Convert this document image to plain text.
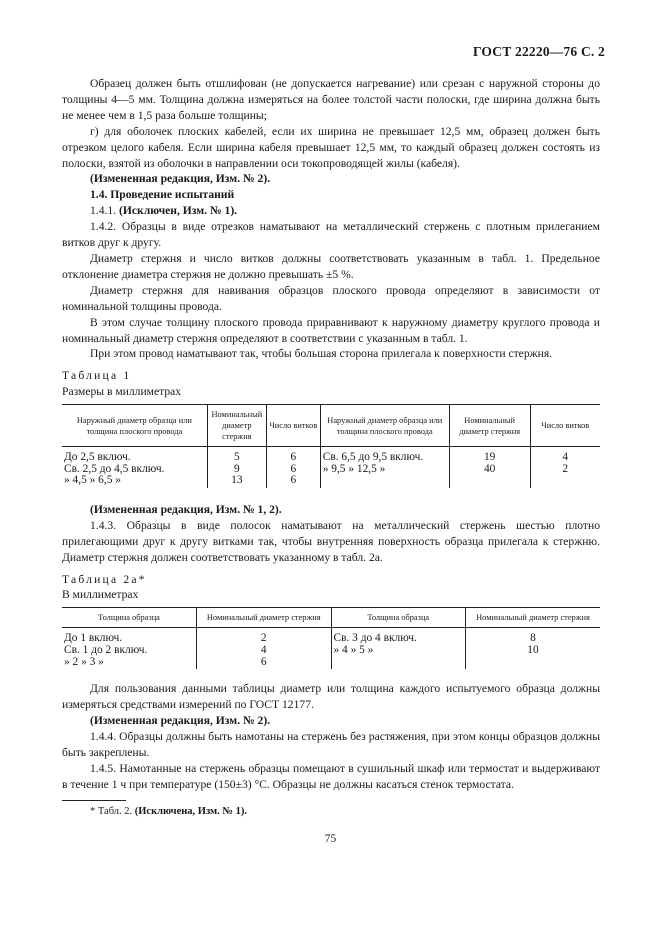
ГОСТ 22220—76 С. 2

Образец должен быть отшлифован (не допускается нагревание) или срезан с наружной стороны до толщины 4—5 мм. Толщина должна измеряться на более толстой части полоски, где ширина должна быть не менее чем в 1,5 раза больше толщины;

г) для оболочек плоских кабелей, если их ширина не превышает 12,5 мм, образец должен быть отрезком целого кабеля. Если ширина кабеля превышает 12,5 мм, то каждый образец должен состоять из полоски, взятой из оболочки в направлении оси токопроводящей жилы (кабеля).

(Измененная редакция, Изм. № 2).

1.4. Проведение испытаний

1.4.1. (Исключен, Изм. № 1).

1.4.2. Образцы в виде отрезков наматывают на металлический стержень с плотным прилеганием витков друг к другу.

Диаметр стержня и число витков должны соответствовать указанным в табл. 1. Предельное отклонение диаметра стержня не должно превышать ±5 %.

Диаметр стержня для навивания образцов плоского провода определяют в зависимости от номинальной толщины провода.

В этом случае толщину плоского провода приравнивают к наружному диаметру круглого провода и номинальный диаметр стержня определяют в соответствии с указанным в табл. 1.

При этом провод наматывают так, чтобы большая сторона прилегала к поверхности стержня.

Таблица 1

Размеры в миллиметрах

Наружный диаметр образца или толщина плоского провода	Номинальный диаметр стержня	Число витков	Наружный диаметр образца или толщина плоского провода	Номинальный диаметр стержня	Число витков
До 2,5 включ.	5	6	Св. 6,5 до 9,5 включ.	19	4
Св. 2,5 до 4,5 включ.	9	6	» 9,5 » 12,5 »	40	2
» 4,5 » 6,5 »	13	6			

(Измененная редакция, Изм. № 1, 2).

1.4.3. Образцы в виде полосок наматывают на металлический стержень шестью плотно прилегающими друг к другу витками так, чтобы внутренняя поверхность образца прилегала к стержню. Диаметр стержня должен соответствовать указанному в табл. 2а.

Таблица 2а*

В миллиметрах

Толщина образца	Номинальный диаметр стержня	Толщина образца	Номинальный диаметр стержня
До 1 включ.	2	Св. 3 до 4 включ.	8
Св. 1 до 2 включ.	4	» 4 » 5 »	10
» 2 » 3 »	6		

Для пользования данными таблицы диаметр или толщина каждого испытуемого образца должны измеряться средствами измерений по ГОСТ 12177.

(Измененная редакция, Изм. № 2).

1.4.4. Образцы должны быть намотаны на стержень без растяжения, при этом концы образцов должны быть закреплены.

1.4.5. Намотанные на стержень образцы помещают в сушильный шкаф или термостат и выдерживают в течение 1 ч при температуре (150±3) °С. Образцы не должны касаться стенок термостата.

* Табл. 2. (Исключена, Изм. № 1).
75
